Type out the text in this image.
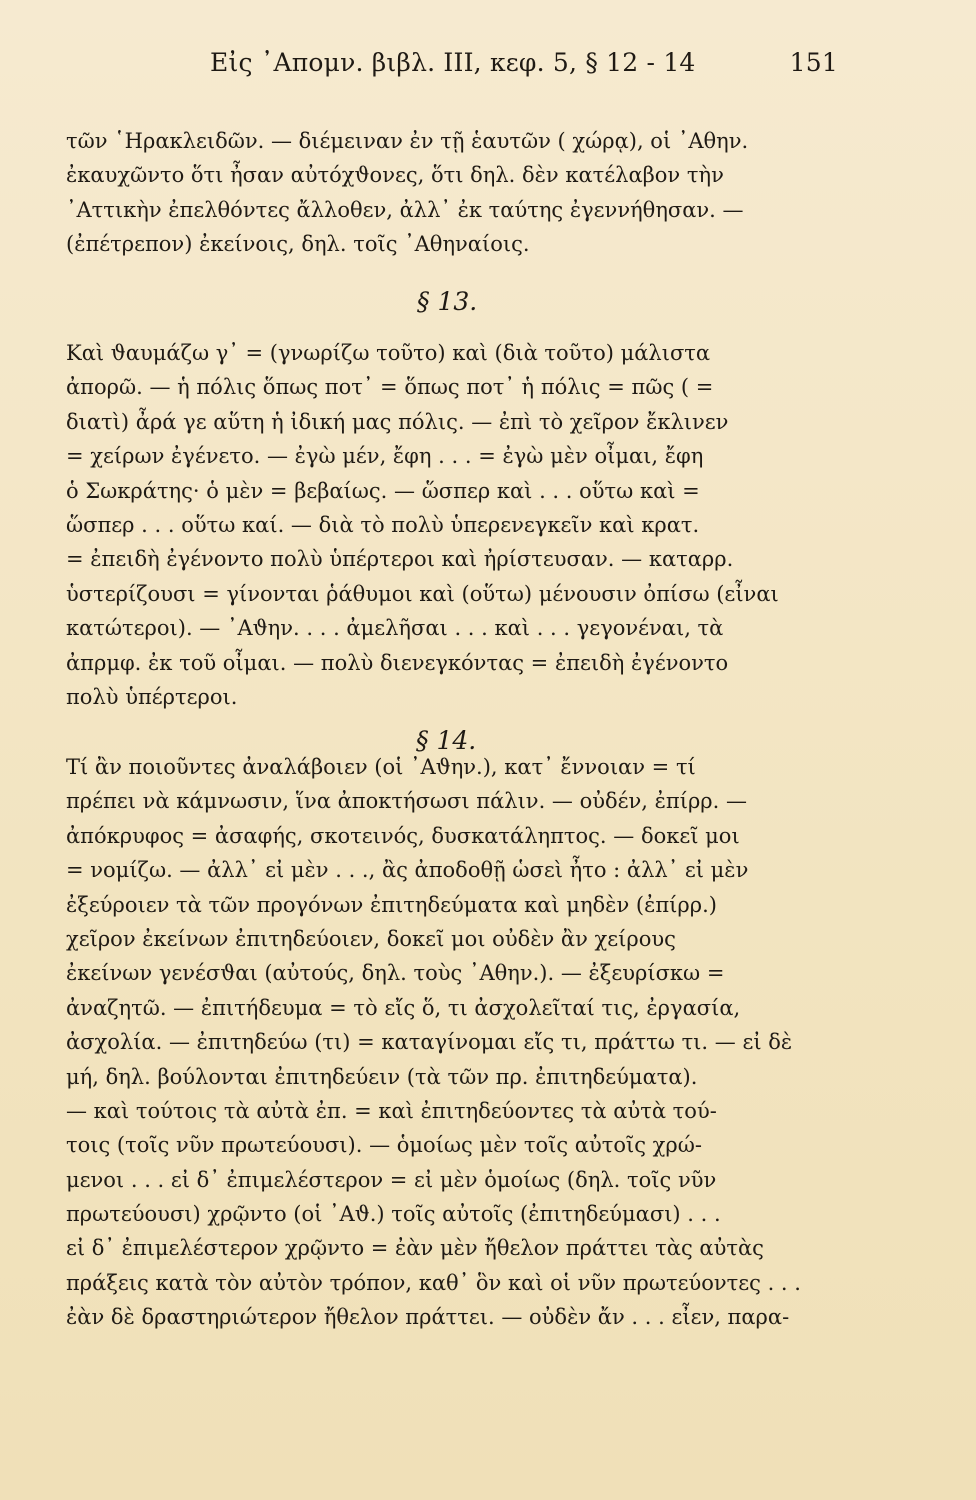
Εἰς ᾿Απομν. βιβλ. III, κεφ. 5, § 12 - 14	151
τῶν ῾Ηρακλειδῶν. — διέμειναν ἐν τῇ ἑαυτῶν ( χώρᾳ), οἱ ᾿Αθην.
ἐκαυχῶντο ὅτι ἦσαν αὐτόχϑονες, ὅτι δηλ. δὲν κατέλαβον τὴν
᾿Αττικὴν ἐπελθόντες ἄλλοθεν, ἀλλ᾿ ἐκ ταύτης ἐγεννήθησαν. —
(ἐπέτρεπον) ἐκείνοις, δηλ. τοῖς ᾿Αθηναίοις.
§ 13.
Καὶ ϑαυμάζω γ᾿ = (γνωρίζω τοῦτο) καὶ (διὰ τοῦτο) μάλιστα
ἀπορῶ. — ἡ πόλις ὅπως ποτ᾿ = ὅπως ποτ᾿ ἡ πόλις = πῶς ( =
διατὶ) ἆρά γε αὕτη ἡ ἰδική μας πόλις. — ἐπὶ τὸ χεῖρον ἔκλινεν
= χείρων ἐγένετο. — ἐγὼ μέν, ἔφη . . . = ἐγὼ μὲν οἶμαι, ἔφη
ὁ Σωκράτης· ὁ μὲν = βεβαίως. — ὥσπερ καὶ . . . οὕτω καὶ =
ὥσπερ . . . οὕτω καί. — διὰ τὸ πολὺ ὑπερενεγκεῖν καὶ κρατ.
= ἐπειδὴ ἐγένοντο πολὺ ὑπέρτεροι καὶ ἠρίστευσαν. — καταρρ.
ὑστερίζουσι = γίνονται ῥάθυμοι καὶ (οὕτω) μένουσιν ὀπίσω (εἶναι
κατώτεροι). — ᾿Αϑην. . . . ἀμελῆσαι . . . καὶ . . . γεγονέναι, τὰ
ἀπρμφ. ἐκ τοῦ οἶμαι. — πολὺ διενεγκόντας = ἐπειδὴ ἐγένοντο
πολὺ ὑπέρτεροι.
§ 14.
Τί ἂν ποιοῦντες ἀναλάβοιεν (οἱ ᾿Αϑην.), κατ᾿ ἔννοιαν = τί
πρέπει νὰ κάμνωσιν, ἵνα ἀποκτήσωσι πάλιν. — οὐδέν, ἐπίρρ. —
ἀπόκρυφος = ἀσαφής, σκοτεινός, δυσκατάληπτος. — δοκεῖ μοι
= νομίζω. — ἀλλ᾿ εἰ μὲν . . ., ἂς ἀποδοθῇ ὡσεὶ ἦτο : ἀλλ᾿ εἰ μὲν
ἐξεύροιεν τὰ τῶν προγόνων ἐπιτηδεύματα καὶ μηδὲν (ἐπίρρ.)
χεῖρον ἐκείνων ἐπιτηδεύοιεν, δοκεῖ μοι οὐδὲν ἂν χείρους
ἐκείνων γενέσϑαι (αὐτούς, δηλ. τοὺς ᾿Αθην.). — ἐξευρίσκω =
ἀναζητῶ. — ἐπιτήδευμα = τὸ εἴς ὅ, τι ἀσχολεῖταί τις, ἐργασία,
ἀσχολία. — ἐπιτηδεύω (τι) = καταγίνομαι εἴς τι, πράττω τι. — εἰ δὲ
μή, δηλ. βούλονται ἐπιτηδεύειν (τὰ τῶν πρ. ἐπιτηδεύματα).
— καὶ τούτοις τὰ αὐτὰ ἐπ. = καὶ ἐπιτηδεύοντες τὰ αὐτὰ τού-
τοις (τοῖς νῦν πρωτεύουσι). — ὁμοίως μὲν τοῖς αὐτοῖς χρώ-
μενοι . . . εἰ δ᾿ ἐπιμελέστερον = εἰ μὲν ὁμοίως (δηλ. τοῖς νῦν
πρωτεύουσι) χρῷντο (οἱ ᾿Αϑ.) τοῖς αὐτοῖς (ἐπιτηδεύμασι) . . .
εἰ δ᾿ ἐπιμελέστερον χρῷντο = ἐὰν μὲν ἤθελον πράττει τὰς αὐτὰς
πράξεις κατὰ τὸν αὐτὸν τρόπον, καθ᾿ ὃν καὶ οἱ νῦν πρωτεύοντες . . .
ἐὰν δὲ δραστηριώτερον ἤθελον πράττει. — οὐδὲν ἄν . . . εἶεν, παρα-
